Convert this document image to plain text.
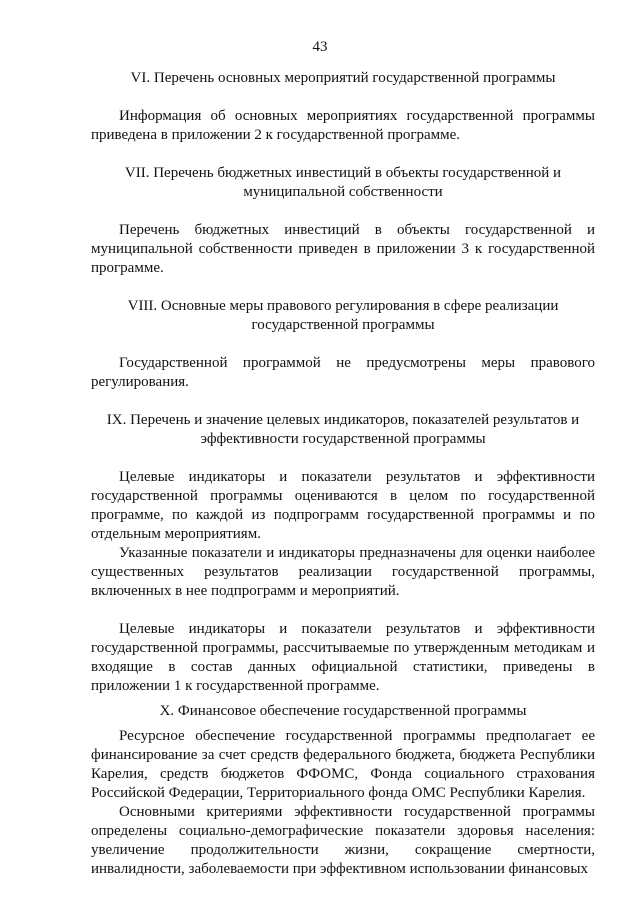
43
VI. Перечень основных мероприятий государственной программы

Информация об основных мероприятиях государственной программы приведена в приложении 2 к государственной программе.

VII. Перечень бюджетных инвестиций в объекты государственной и муниципальной собственности

Перечень бюджетных инвестиций в объекты государственной и муниципальной собственности приведен в приложении 3 к государственной программе.

VIII. Основные меры правового регулирования в сфере реализации государственной программы

Государственной программой не предусмотрены меры правового регулирования.

IX. Перечень и значение целевых индикаторов, показателей результатов и эффективности государственной программы

Целевые индикаторы и показатели результатов и эффективности государственной программы оцениваются в целом по государственной программе, по каждой из подпрограмм государственной программы и по отдельным мероприятиям.

Указанные показатели и индикаторы предназначены для оценки наиболее существенных результатов реализации государственной программы, включенных в нее подпрограмм и мероприятий.

Целевые индикаторы и показатели результатов и эффективности государственной программы, рассчитываемые по утвержденным методикам и входящие в состав данных официальной статистики, приведены в приложении 1 к государственной программе.

X. Финансовое обеспечение государственной программы

Ресурсное обеспечение государственной программы предполагает ее финансирование за счет средств федерального бюджета, бюджета Республики Карелия, средств бюджетов ФФОМС, Фонда социального страхования Российской Федерации, Территориального фонда ОМС Республики Карелия.

Основными критериями эффективности государственной программы определены социально-демографические показатели здоровья населения: увеличение продолжительности жизни, сокращение смертности, инвалидности, заболеваемости при эффективном использовании финансовых
